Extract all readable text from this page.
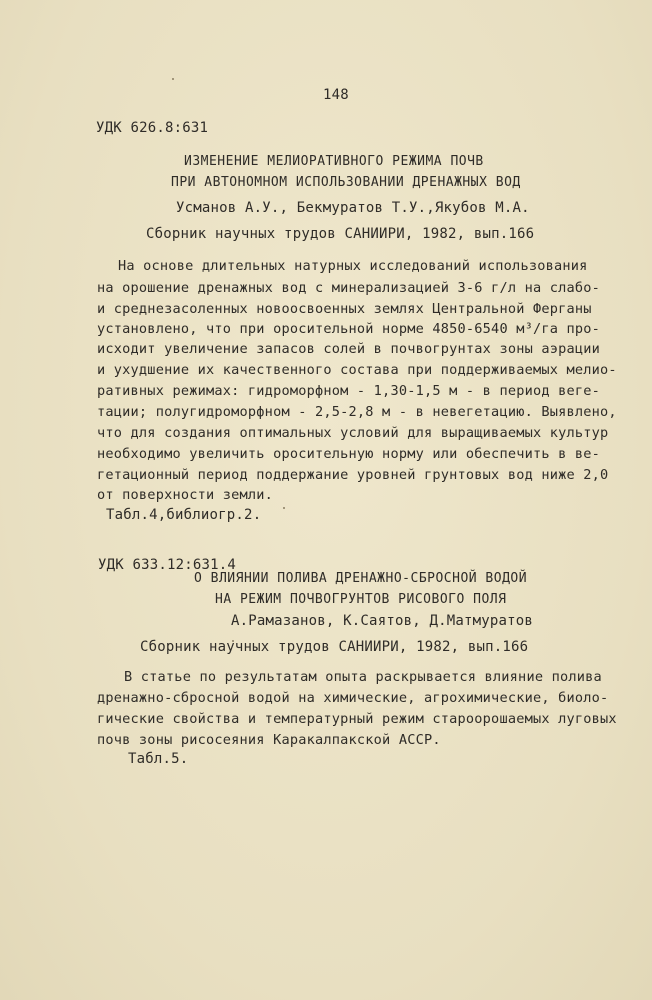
148
УДК 626.8:631
ИЗМЕНЕНИЕ МЕЛИОРАТИВНОГО РЕЖИМА ПОЧВ
ПРИ АВТОНОМНОМ ИСПОЛЬЗОВАНИИ ДРЕНАЖНЫХ ВОД
Усманов А.У., Бекмуратов Т.У.,Якубов М.А.
Сборник научных трудов САНИИРИ, 1982, вып.166
На основе длительных натурных исследований использования
на орошение дренажных вод с минерализацией 3-6 г/л на слабо-
и среднезасоленных новоосвоенных землях Центральной Ферганы
установлено, что при оросительной норме 4850-6540 м³/га про-
исходит увеличение запасов солей в почвогрунтах зоны аэрации
и ухудшение их качественного состава при поддерживаемых мелио-
ративных режимах: гидроморфном - 1,30-1,5 м - в период веге-
тации; полугидроморфном - 2,5-2,8 м - в невегетацию. Выявлено,
что для создания оптимальных условий для выращиваемых культур
необходимо увеличить оросительную норму или обеспечить в ве-
гетационный период поддержание уровней грунтовых вод ниже 2,0
от поверхности земли.
Табл.4,библиогр.2.
УДК 633.12:631.4
О ВЛИЯНИИ ПОЛИВА ДРЕНАЖНО-СБРОСНОЙ ВОДОЙ
НА РЕЖИМ ПОЧВОГРУНТОВ РИСОВОГО ПОЛЯ
А.Рамазанов, К.Саятов, Д.Матмуратов
Сборник научных трудов САНИИРИ, 1982, вып.166
В статье по результатам опыта раскрывается влияние полива
дренажно-сбросной водой на химические, агрохимические, биоло-
гические свойства и температурный режим староорошаемых луговых
почв зоны рисосеяния Каракалпакской АССР.
Табл.5.
